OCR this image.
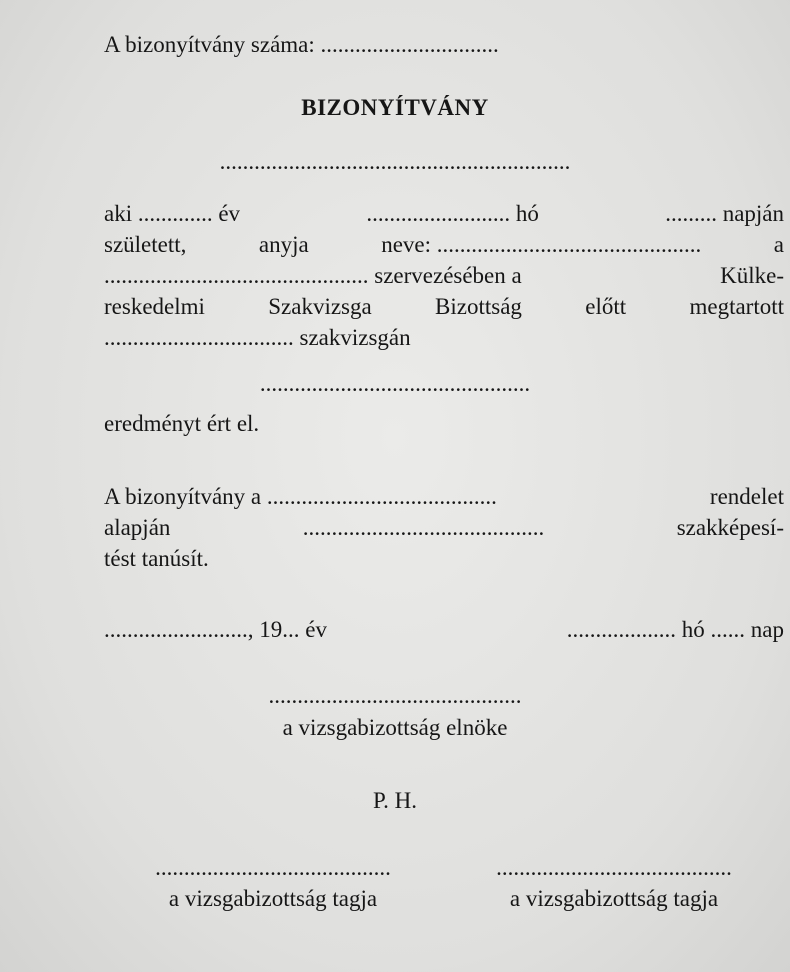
A bizonyítvány száma: ...............................
BIZONYÍTVÁNY
.............................................................
aki ............. év	......................... hó	......... napján
született,	anyja	neve: ..............................................	a
.............................................. szervezésében a	Külke-
reskedelmi	Szakvizsga	Bizottság	előtt	megtartott
................................. szakvizsgán
...............................................
eredményt ért el.
A bizonyítvány a ........................................	rendelet
alapján	..........................................	szakképesí-
tést tanúsít.
........................., 19... év	................... hó ...... nap
............................................
a vizsgabizottság elnöke
P. H.
.........................................	.........................................
a vizsgabizottság tagja	a vizsgabizottság tagja
